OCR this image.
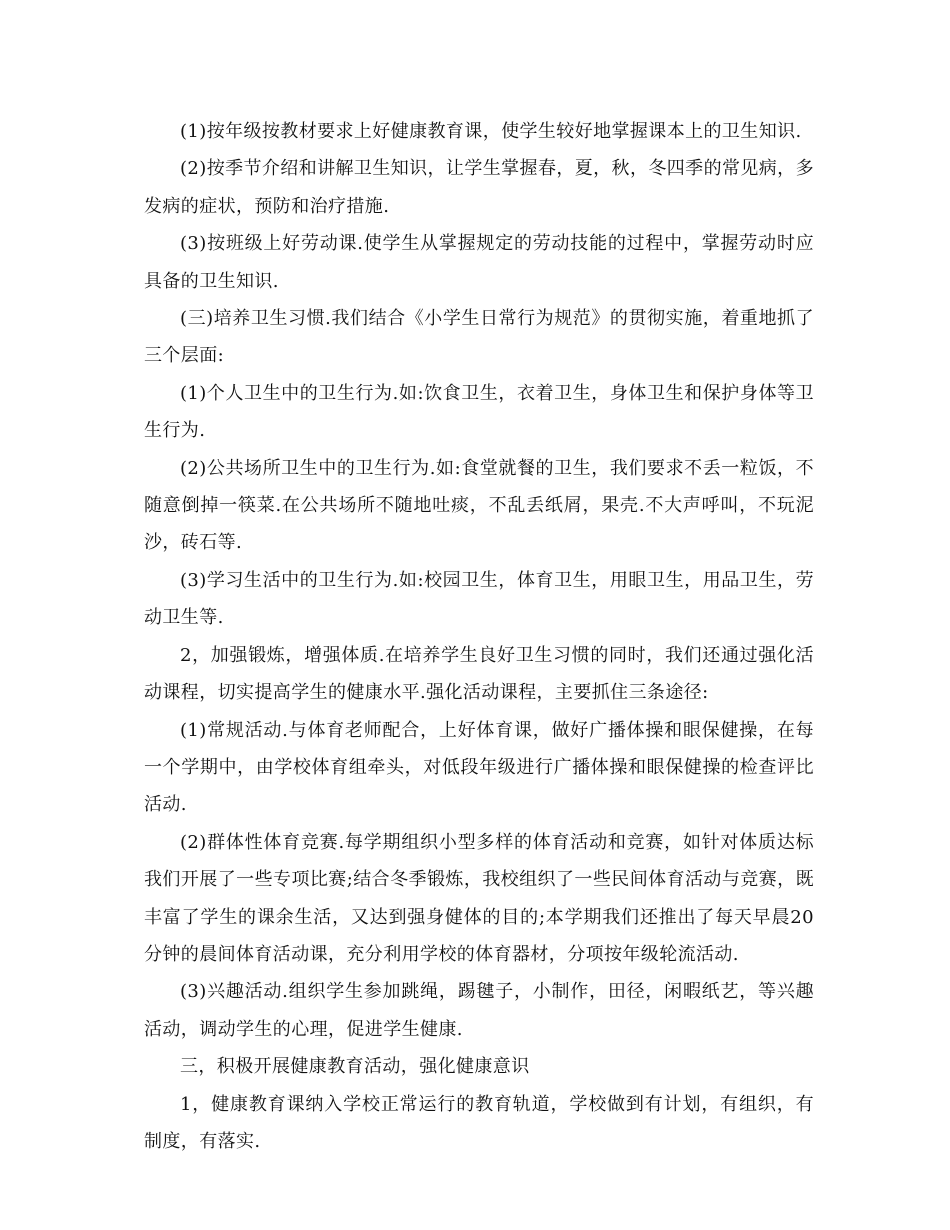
(1)按年级按教材要求上好健康教育课，使学生较好地掌握课本上的卫生知识.

(2)按季节介绍和讲解卫生知识，让学生掌握春，夏，秋，冬四季的常见病，多发病的症状，预防和治疗措施.

(3)按班级上好劳动课.使学生从掌握规定的劳动技能的过程中，掌握劳动时应具备的卫生知识.

(三)培养卫生习惯.我们结合《小学生日常行为规范》的贯彻实施，着重地抓了三个层面:

(1)个人卫生中的卫生行为.如:饮食卫生，衣着卫生，身体卫生和保护身体等卫生行为.

(2)公共场所卫生中的卫生行为.如:食堂就餐的卫生，我们要求不丢一粒饭，不随意倒掉一筷菜.在公共场所不随地吐痰，不乱丢纸屑，果壳.不大声呼叫，不玩泥沙，砖石等.

(3)学习生活中的卫生行为.如:校园卫生，体育卫生，用眼卫生，用品卫生，劳动卫生等.

2，加强锻炼，增强体质.在培养学生良好卫生习惯的同时，我们还通过强化活动课程，切实提高学生的健康水平.强化活动课程，主要抓住三条途径:

(1)常规活动.与体育老师配合，上好体育课，做好广播体操和眼保健操，在每一个学期中，由学校体育组牵头，对低段年级进行广播体操和眼保健操的检查评比活动.

(2)群体性体育竞赛.每学期组织小型多样的体育活动和竞赛，如针对体质达标我们开展了一些专项比赛;结合冬季锻炼，我校组织了一些民间体育活动与竞赛，既丰富了学生的课余生活，又达到强身健体的目的;本学期我们还推出了每天早晨20分钟的晨间体育活动课，充分利用学校的体育器材，分项按年级轮流活动.

(3)兴趣活动.组织学生参加跳绳，踢毽子，小制作，田径，闲暇纸艺，等兴趣活动，调动学生的心理，促进学生健康.

三，积极开展健康教育活动，强化健康意识

1，健康教育课纳入学校正常运行的教育轨道，学校做到有计划，有组织，有制度，有落实.
